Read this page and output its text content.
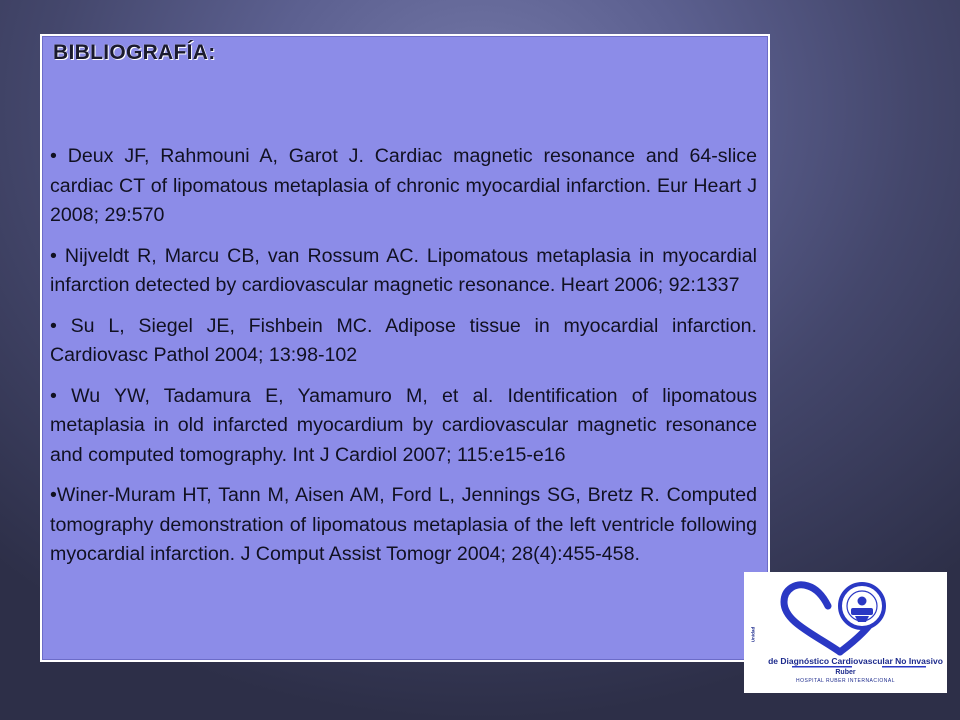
BIBLIOGRAFÍA:
• Deux JF, Rahmouni A, Garot J. Cardiac magnetic resonance and 64-slice cardiac CT of lipomatous metaplasia of chronic myocardial infarction. Eur Heart J 2008; 29:570
• Nijveldt R, Marcu CB, van Rossum AC. Lipomatous metaplasia in myocardial infarction detected by cardiovascular magnetic resonance. Heart 2006; 92:1337
• Su L, Siegel JE, Fishbein MC. Adipose tissue in myocardial infarction. Cardiovasc Pathol 2004; 13:98-102
• Wu YW, Tadamura E, Yamamuro M, et al. Identification of lipomatous metaplasia in old infarcted myocardium by cardiovascular magnetic resonance and computed tomography. Int J Cardiol 2007; 115:e15-e16
•Winer-Muram HT, Tann M, Aisen AM, Ford L, Jennings SG, Bretz R. Computed tomography demonstration of lipomatous metaplasia of the left ventricle following myocardial infarction. J Comput Assist Tomogr 2004; 28(4):455-458.
Unidad
de Diagnóstico Cardiovascular No Invasivo
Ruber
HOSPITAL RUBER INTERNACIONAL
